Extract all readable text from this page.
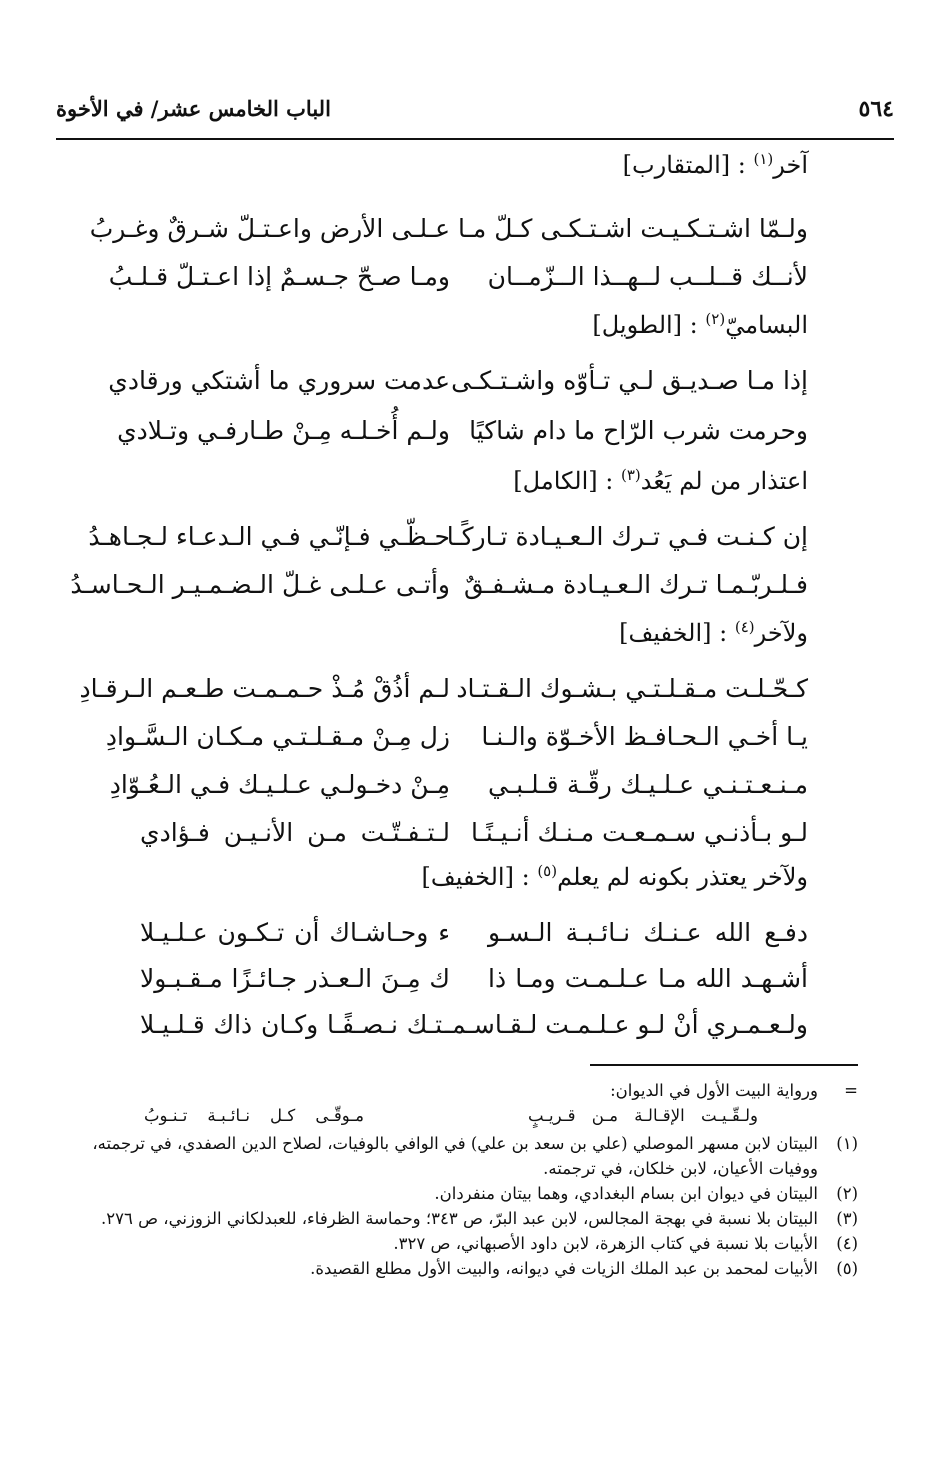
٥٦٤
الباب الخامس عشر/ في الأخوة
آخر$^{(١)}$ : [المتقارب]
ولـمّا اشـتـكـيـت اشـتـكـى كـلّ مـا
عـلـى الأرض واعـتـلّ شـرقٌ وغـربُ
لأنــك قــلــب لــهــذا الــزّمــان
ومـا صـحّ جـسـمٌ إذا اعـتـلّ قـلـبُ
البساميّ$^{(٢)}$ : [الطويل]
إذا مـا صـديـق لـي تـأوّه واشـتـكـى
عدمت سروري ما أشتكي ورقادي
وحرمت شرب الرّاح ما دام شاكيًا
ولـم أُخـلـه مِـنْ طـارفـي وتـلادي
اعتذار من لم يَعُد$^{(٣)}$ : [الكامل]
إن كـنـت فـي تـرك الـعـيـادة تـاركًـا
حـظّـي فـإنّـي فـي الـدعـاء لـجـاهـدُ
فـلـربّـمـا تـرك الـعـيـادة مـشـفـقٌ
وأتـى عـلـى غـلّ الـضـمـيـر الـحـاسـدُ
ولآخر$^{(٤)}$ : [الخفيف]
كـحّـلـت مـقـلـتـي بـشـوك الـقـتـاد
لـم أذُقْ مُـذْ حـمـمـت طـعـم الـرقـادِ
يـا أخـي الـحـافـظ الأخـوّة والـنـا
زل مِـنْ مـقـلـتـي مـكـان الـسَّـوادِ
مـنـعـتـنـي عـلـيـك رقّـة قـلـبـي
مِـنْ دخـولـي عـلـيـك فـي الـعُـوّادِ
لـو بـأذنـي سـمـعـت مـنـك أنـيـنًـا
لـتـفـتّـت مـن الأنـيـن فـؤادي
ولآخر يعتذر بكونه لم يعلم$^{(٥)}$ : [الخفيف]
دفـع الله عـنـك نـائـبـة الـسـو
ء وحـاشـاك أن تـكـون عـلـيـلا
أشـهـد الله مـا عـلـمـت ومـا ذا
ك مِـنَ الـعـذر جـائـزًا مـقـبـولا
ولـعـمـري أنْ لـو عـلـمـت لـقـاسـمـ
ـتـك نـصـفًـا وكـان ذاك قـلـيـلا
=
ورواية البيت الأول في الديوان:
ولـقّـيـت الإقـالـة مـن قـريـبٍ
مـوقّـى كـل نـائـبـة تـنـوبُ
(١)
البيتان لابن مسهر الموصلي (علي بن سعد بن علي) في الوافي بالوفيات، لصلاح الدين الصفدي، في ترجمته، ووفيات الأعيان، لابن خلكان، في ترجمته.
(٢)
البيتان في ديوان ابن بسام البغدادي، وهما بيتان منفردان.
(٣)
البيتان بلا نسبة في بهجة المجالس، لابن عبد البرّ، ص ٣٤٣؛ وحماسة الظرفاء، للعبدلكاني الزوزني، ص ٢٧٦.
(٤)
الأبيات بلا نسبة في كتاب الزهرة، لابن داود الأصبهاني، ص ٣٢٧.
(٥)
الأبيات لمحمد بن عبد الملك الزيات في ديوانه، والبيت الأول مطلع القصيدة.
